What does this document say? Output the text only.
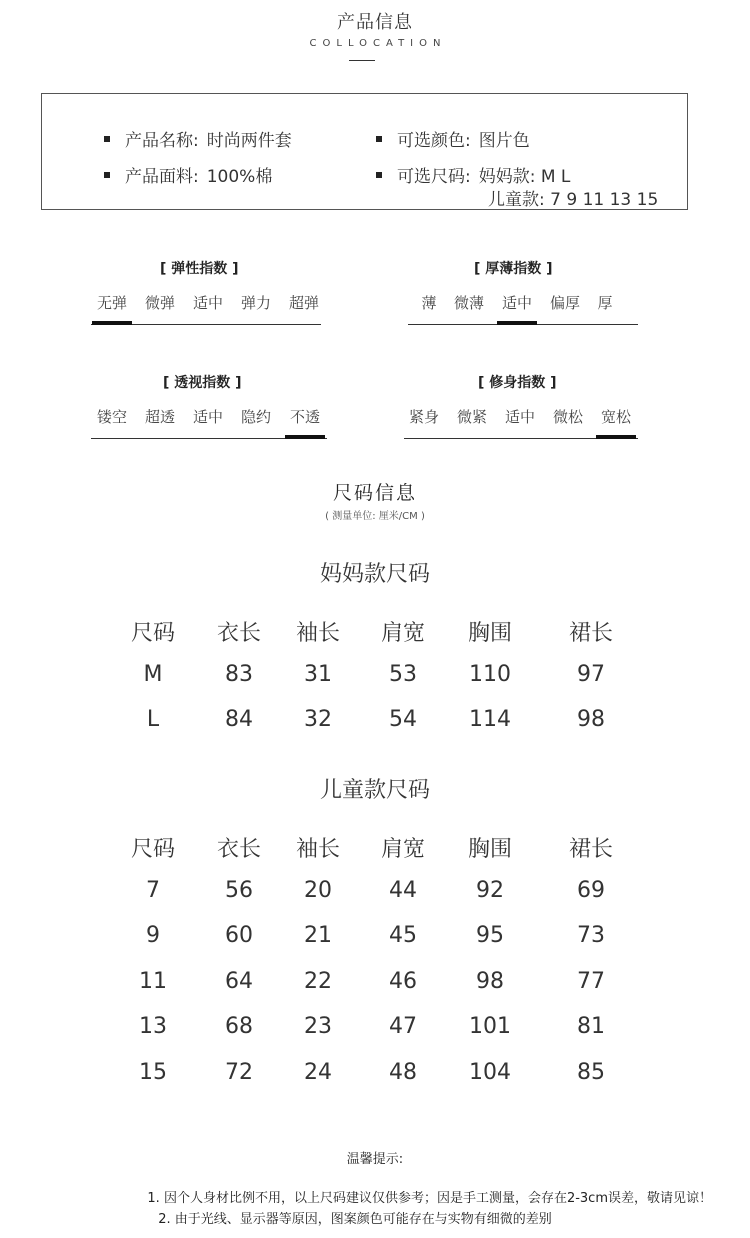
产品信息
COLLOCATION
产品名称: 时尚两件套
产品面料: 100%棉
可选颜色: 图片色
可选尺码: 妈妈款: M L
儿童款: 7 9 11 13 15
[ 弹性指数 ]
无弹 微弹 适中 弹力 超弹
[ 厚薄指数 ]
薄 微薄 适中 偏厚 厚
[ 透视指数 ]
镂空 超透 适中 隐约 不透
[ 修身指数 ]
紧身 微紧 适中 微松 宽松
尺码信息
( 测量单位: 厘米/CM )
妈妈款尺码
尺码	衣长	袖长	肩宽	胸围	裙长
M	83	31	53	110	97
L	84	32	54	114	98
儿童款尺码
尺码	衣长	袖长	肩宽	胸围	裙长
7	56	20	44	92	69
9	60	21	45	95	73
11	64	22	46	98	77
13	68	23	47	101	81
15	72	24	48	104	85
温馨提示:
1. 因个人身材比例不用，以上尺码建议仅供参考；因是手工测量，会存在2-3cm误差，敬请见谅！
2. 由于光线、显示器等原因，图案颜色可能存在与实物有细微的差别
